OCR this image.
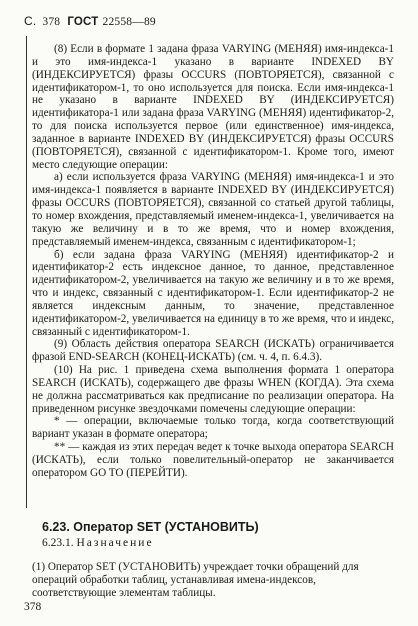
С. 378 ГОСТ 22558—89

(8) Если в формате 1 задана фраза VARYING (МЕНЯЯ) имя-индекса-1 и это имя-индекса-1 указано в варианте INDEXED BY (ИНДЕКСИРУЕТСЯ) фразы OCCURS (ПОВТОРЯЕТСЯ), связанной с идентификатором-1, то оно используется для поиска. Если имя-индекса-1 не указано в варианте INDEXED BY (ИНДЕКСИРУЕТСЯ) идентификатора-1 или задана фраза VARYING (МЕНЯЯ) идентификатор-2, то для поиска используется первое (или единственное) имя-индекса, заданное в варианте INDEXED BY (ИНДЕКСИРУЕТСЯ) фразы OCCURS (ПОВТОРЯЕТСЯ), связанной с идентификатором-1. Кроме того, имеют место следующие операции:

а) если используется фраза VARYING (МЕНЯЯ) имя-индекса-1 и это имя-индекса-1 появляется в варианте INDEXED BY (ИНДЕКСИРУЕТСЯ) фразы OCCURS (ПОВТОРЯЕТСЯ), связанной со статьей другой таблицы, то номер вхождения, представляемый именем-индекса-1, увеличивается на такую же величину и в то же время, что и номер вхождения, представляемый именем-индекса, связанным с идентификатором-1;

б) если задана фраза VARYING (МЕНЯЯ) идентификатор-2 и идентификатор-2 есть индексное данное, то данное, представленное идентификатором-2, увеличивается на такую же величину и в то же время, что и индекс, связанный с идентификатором-1. Если идентификатор-2 не является индексным данным, то значение, представленное идентификатором-2, увеличивается на единицу в то же время, что и индекс, связанный с идентификатором-1.

(9) Область действия оператора SEARCH (ИСКАТЬ) ограничивается фразой END-SEARCH (КОНЕЦ-ИСКАТЬ) (см. ч. 4, п. 6.4.3).

(10) На рис. 1 приведена схема выполнения формата 1 оператора SEARCH (ИСКАТЬ), содержащего две фразы WHEN (КОГДА). Эта схема не должна рассматриваться как предписание по реализации оператора. На приведенном рисунке звездочками помечены следующие операции:

* — операции, включаемые только тогда, когда соответствующий вариант указан в формате оператора;

** — каждая из этих передач ведет к точке выхода оператора SEARCH (ИСКАТЬ), если только повелительный-оператор не заканчивается оператором GO TO (ПЕРЕЙТИ).

6.23. Оператор SET (УСТАНОВИТЬ)
6.23.1. Назначение

(1) Оператор SET (УСТАНОВИТЬ) учреждает точки обращений для операций обработки таблиц, устанавливая имена-индексов, соответствующие элементам таблицы.

378
